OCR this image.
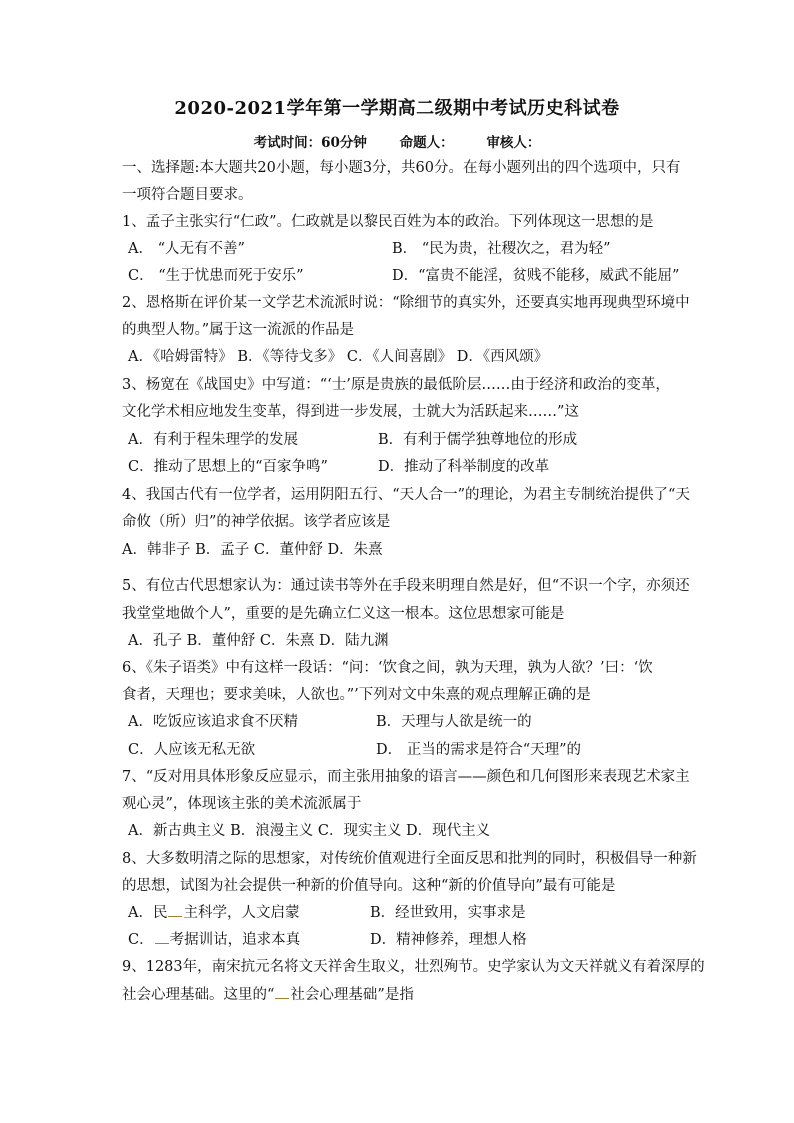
2020-2021学年第一学期高二级期中考试历史科试卷
考试时间：60分钟 命题人： 审核人：
一、选择题:本大题共20小题，每小题3分，共60分。在每小题列出的四个选项中，只有
一项符合题目要求。
1、孟子主张实行“仁政”。仁政就是以黎民百姓为本的政治。下列体现这一思想的是
A． “人无有不善”	B． “民为贵，社稷次之，君为轻”
C． “生于忧患而死于安乐”	D．“富贵不能淫，贫贱不能移，威武不能屈”
2、恩格斯在评价某一文学艺术流派时说：“除细节的真实外，还要真实地再现典型环境中
的典型人物。”属于这一流派的作品是
A．《哈姆雷特》 B．《等待戈多》 C．《人间喜剧》 D．《西风颂》
3、杨宽在《战国史》中写道：“‘士’原是贵族的最低阶层……由于经济和政治的变革，
文化学术相应地发生变革，得到进一步发展，士就大为活跃起来……”这
A．有利于程朱理学的发展	B．有利于儒学独尊地位的形成
C．推动了思想上的“百家争鸣”	D．推动了科举制度的改革
4、我国古代有一位学者，运用阴阳五行、“天人合一”的理论，为君主专制统治提供了“天
命攸（所）归”的神学依据。该学者应该是
A．韩非子 B．孟子 C．董仲舒 D．朱熹
5、有位古代思想家认为：通过读书等外在手段来明理自然是好，但“不识一个字，亦须还
我堂堂地做个人”，重要的是先确立仁义这一根本。这位思想家可能是
A．孔子 B．董仲舒 C．朱熹 D．陆九渊
6、《朱子语类》中有这样一段话：“问：‘饮食之间，孰为天理，孰为人欲？’曰：‘饮
食者，天理也；要求美味，人欲也。”’下列对文中朱熹的观点理解正确的是
A．吃饭应该追求食不厌精	B．天理与人欲是统一的
C．人应该无私无欲	D． 正当的需求是符合“天理”的
7、“反对用具体形象反应显示，而主张用抽象的语言——颜色和几何图形来表现艺术家主
观心灵”，体现该主张的美术流派属于
A．新古典主义 B．浪漫主义 C．现实主义 D．现代主义
8、大多数明清之际的思想家，对传统价值观进行全面反思和批判的同时，积极倡导一种新
的思想，试图为社会提供一种新的价值导向。这种“新的价值导向”最有可能是
A．民 主科学，人文启蒙	B．经世致用，实事求是
C． 考据训诂，追求本真	D．精神修养，理想人格
9、1283年，南宋抗元名将文天祥舍生取义，壮烈殉节。史学家认为文天祥就义有着深厚的
社会心理基础。这里的“ 社会心理基础”是指
